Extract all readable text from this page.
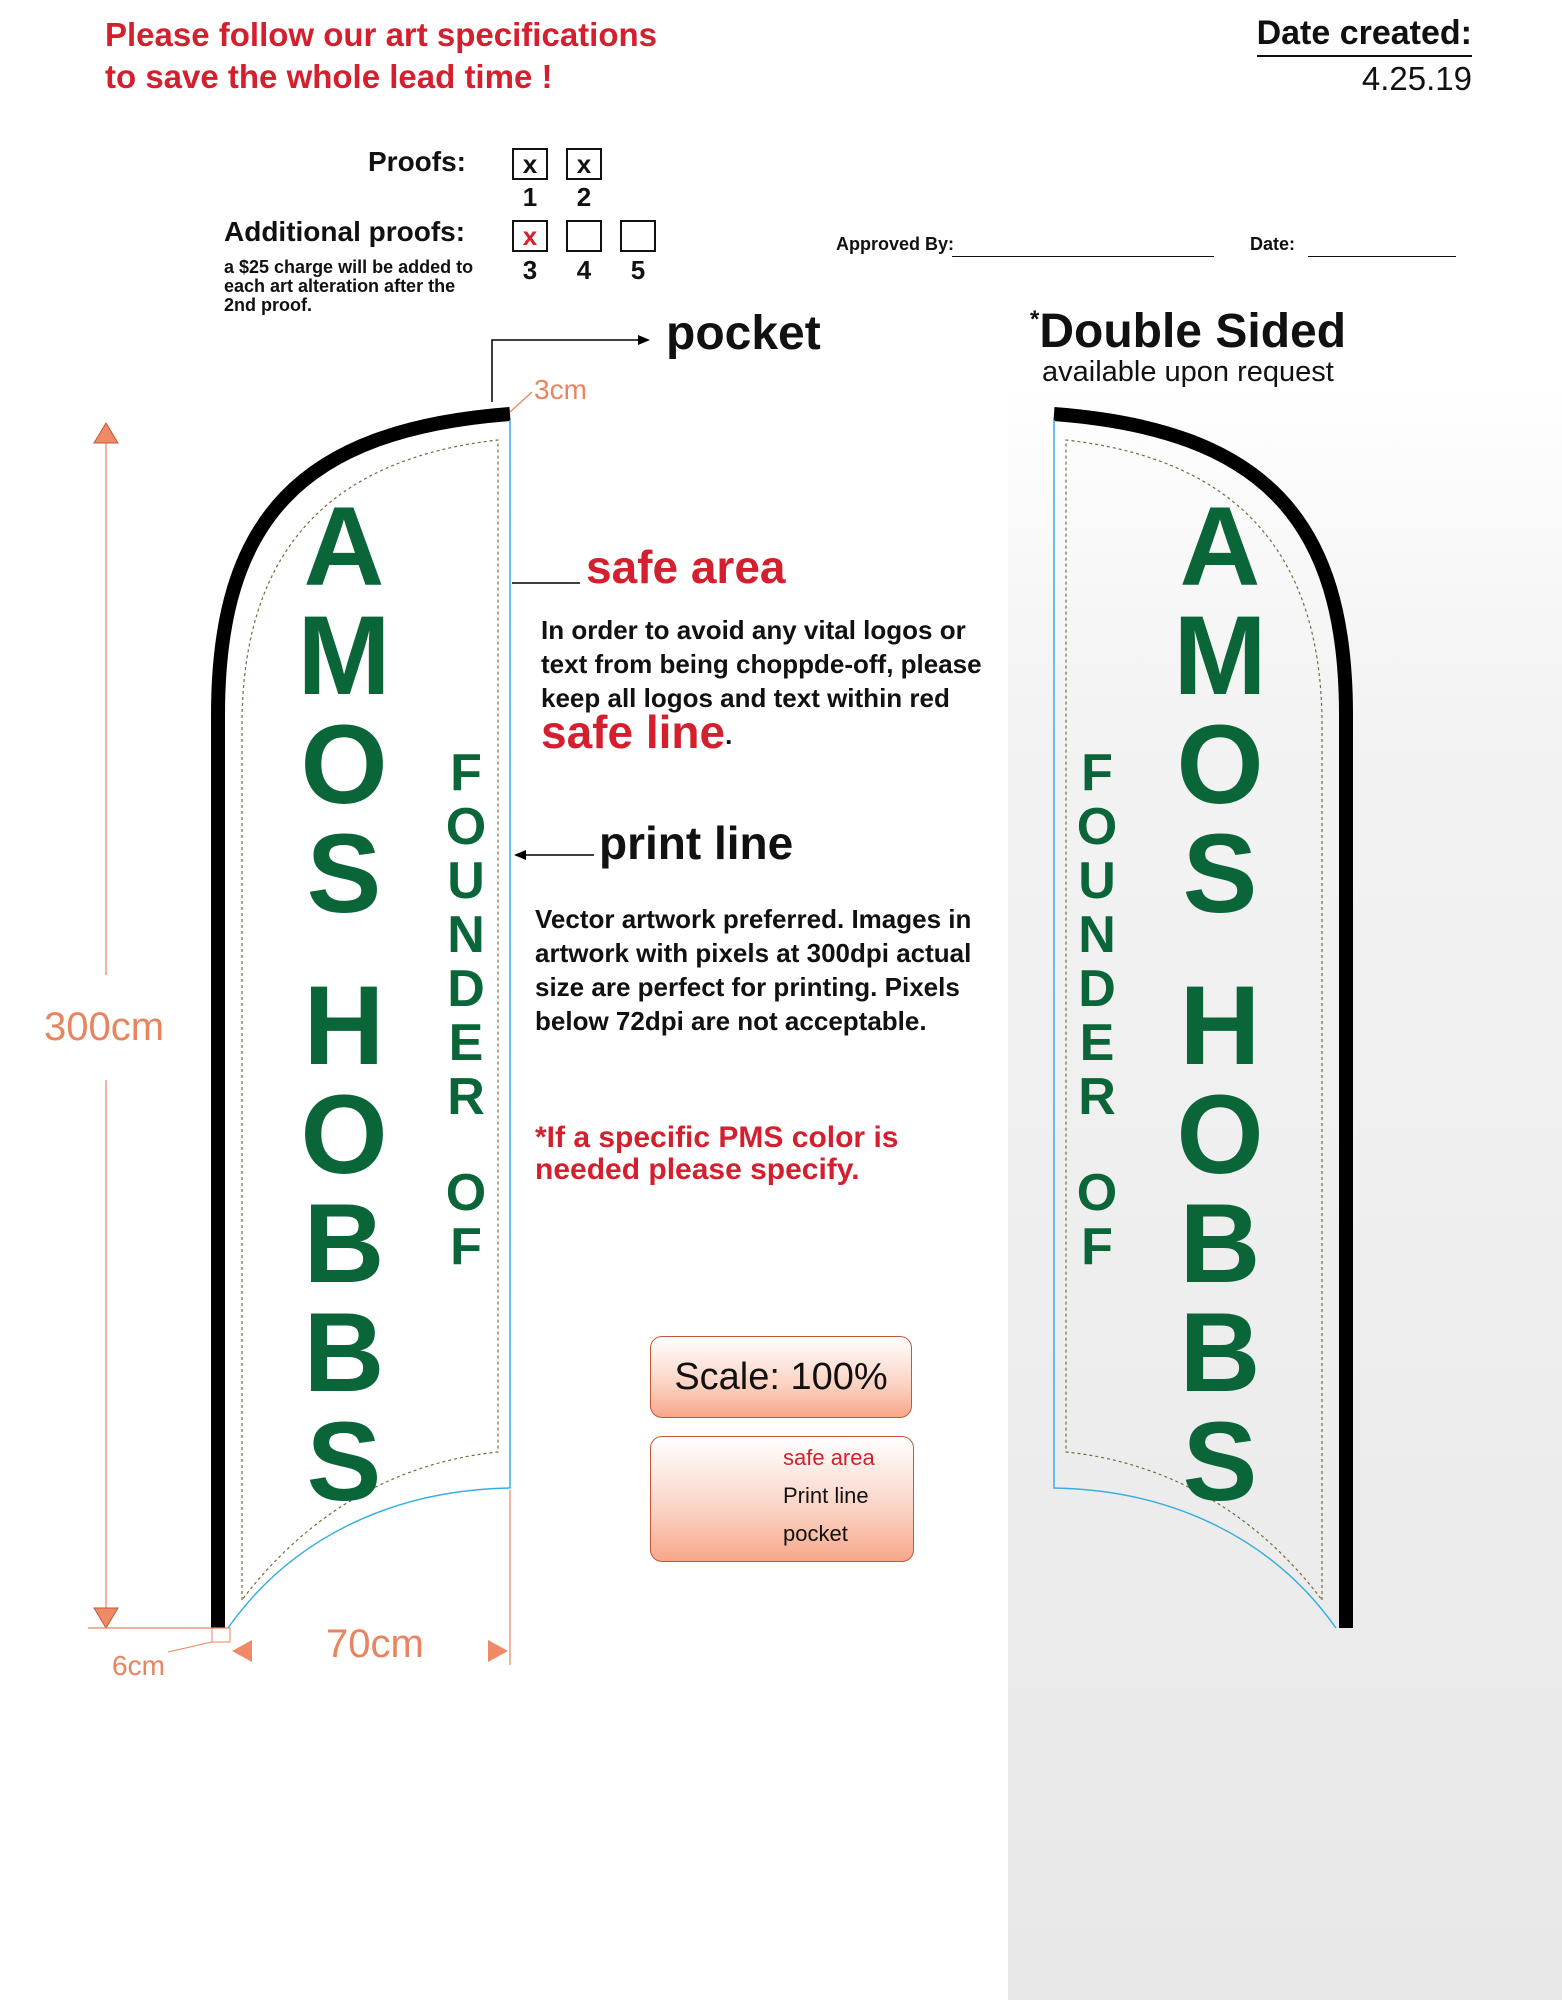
Please follow our art specifications
to save the whole lead time !
Date created:
4.25.19
Proofs:	x	x
1	2
Additional proofs:
a $25 charge will be added to each art alteration after the 2nd proof.
x
3	4	5
Approved By:	Date:
A
M
O
S
H
O
B
B
S
F
O
U
N
D
E
R
O
F
A
M
O
S
H
O
B
B
S
F
O
U
N
D
E
R
O
F
300cm
70cm
6cm
3cm
pocket	*Double Sided
available upon request
safe area
In order to avoid any vital logos or text from being choppde-off, please keep all logos and text within red safe line.
print line
Vector artwork preferred. Images in artwork with pixels at 300dpi actual size are perfect for printing. Pixels below 72dpi are not acceptable.
*If a specific PMS color is needed please specify.
Scale: 100%
safe area
Print line
pocket
